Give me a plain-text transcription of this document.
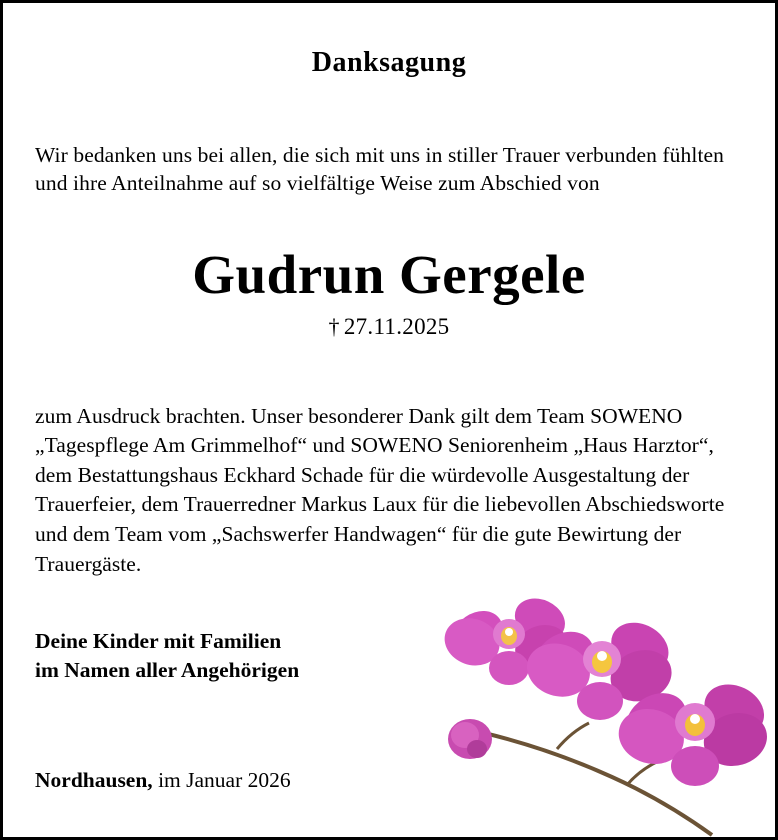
Danksagung
Wir bedanken uns bei allen, die sich mit uns in stiller Trauer verbunden fühlten und ihre Anteilnahme auf so vielfältige Weise zum Abschied von
Gudrun Gergele
† 27.11.2025
zum Ausdruck brachten. Unser besonderer Dank gilt dem Team SOWENO „Tagespflege Am Grimmelhof“ und SOWENO Seniorenheim „Haus Harztor“, dem Bestattungshaus Eckhard Schade für die würdevolle Ausgestaltung der Trauerfeier, dem Trauerredner Markus Laux für die liebevollen Abschiedsworte und dem Team vom „Sachswerfer Handwagen“ für die gute Bewirtung der Trauergäste.
Deine Kinder mit Familien
im Namen aller Angehörigen
Nordhausen, im Januar 2026
